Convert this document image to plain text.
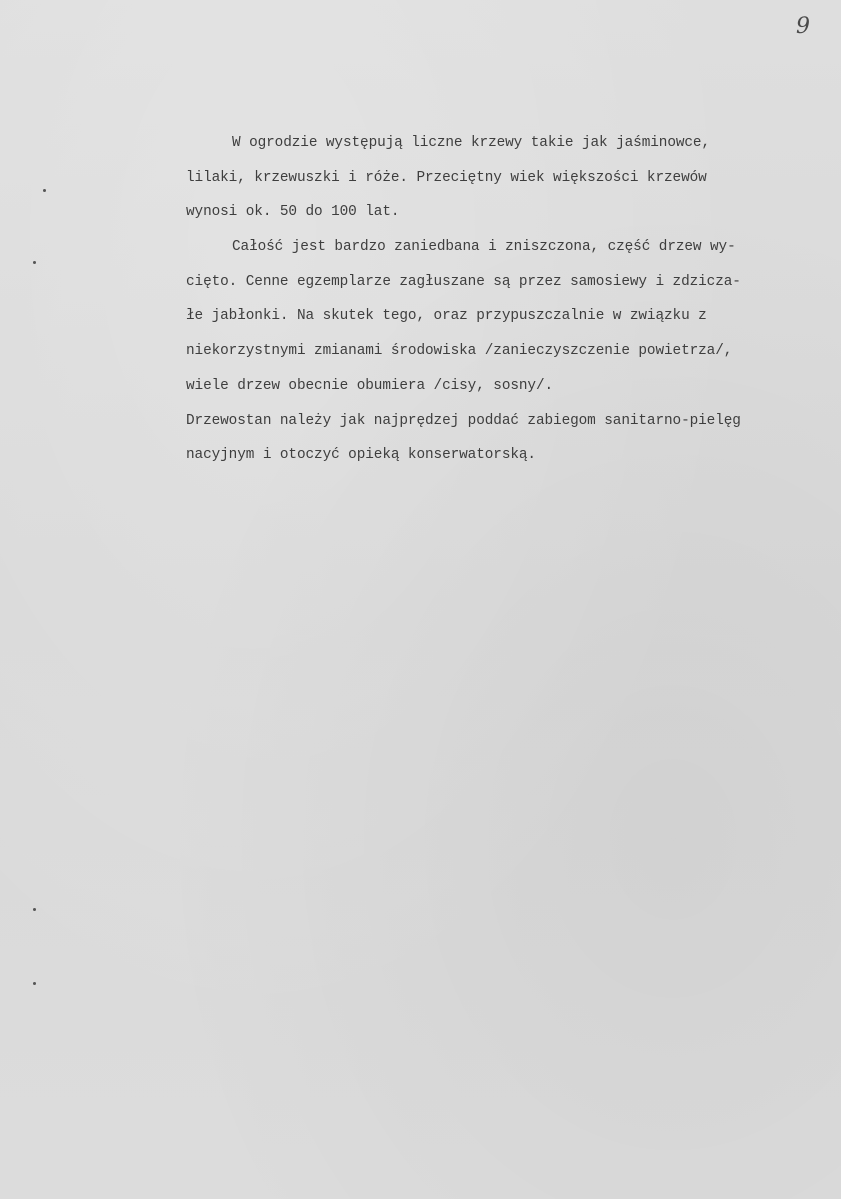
9
W ogrodzie występują liczne krzewy takie jak jaśminowce,
lilaki, krzewuszki i róże. Przeciętny wiek większości krzewów
wynosi ok. 50 do 100 lat.
Całość jest bardzo zaniedbana i zniszczona, część drzew wy-
cięto. Cenne egzemplarze zagłuszane są przez samosiewy i zdzicza-
łe jabłonki. Na skutek tego, oraz przypuszczalnie w związku z
niekorzystnymi zmianami środowiska /zanieczyszczenie powietrza/,
wiele drzew obecnie obumiera /cisy, sosny/.
Drzewostan należy jak najprędzej poddać zabiegom sanitarno-pielęg
nacyjnym i otoczyć opieką konserwatorską.
